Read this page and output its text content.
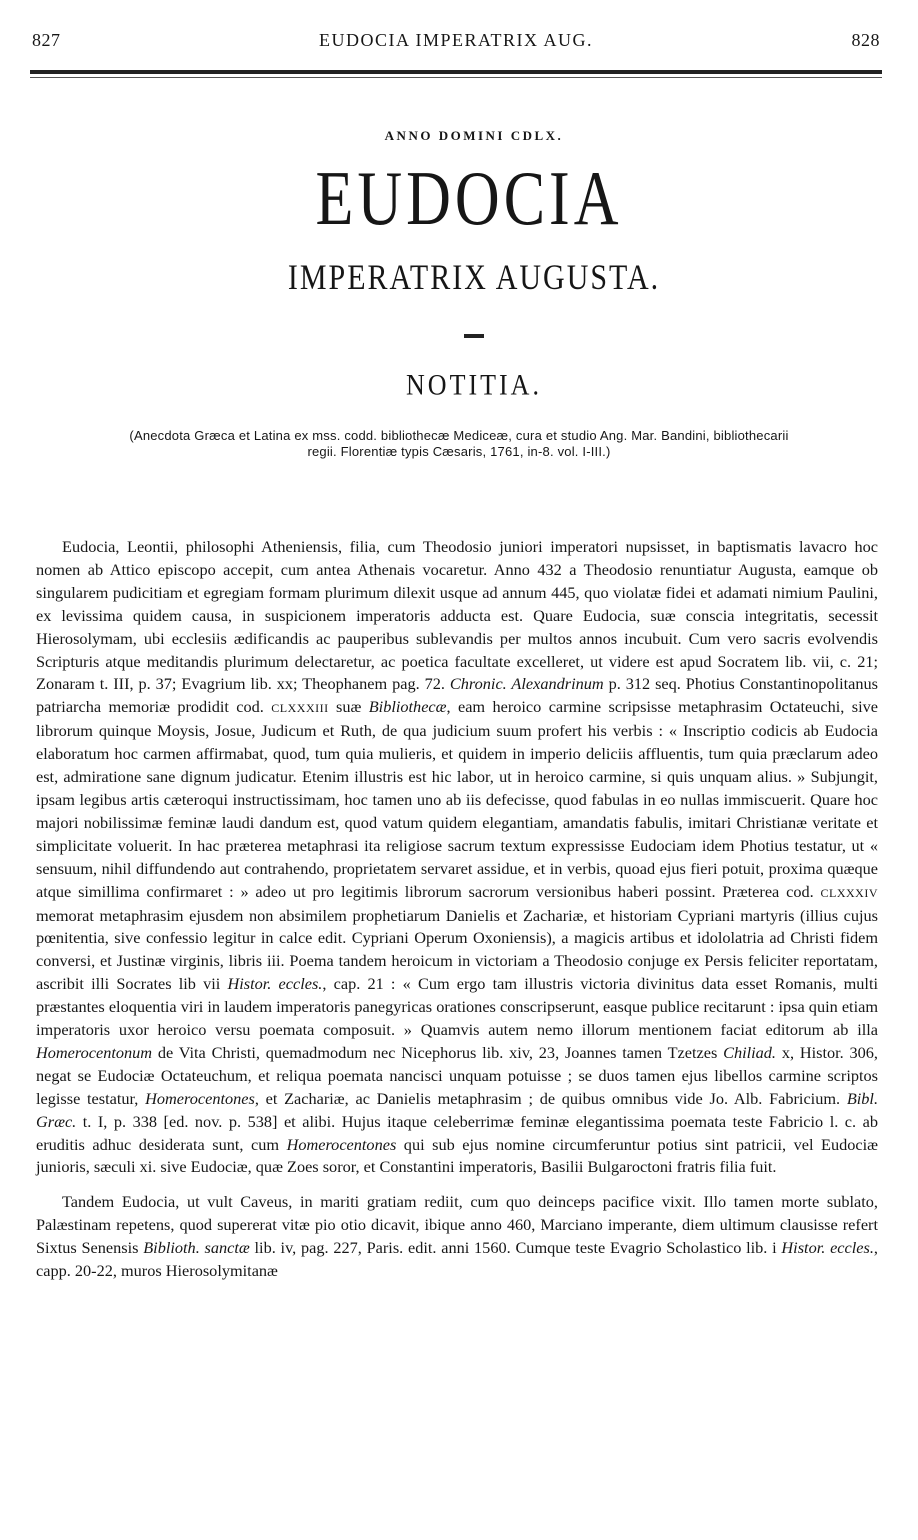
827	EUDOCIA IMPERATRIX AUG.	828
ANNO DOMINI CDLX.
EUDOCIA
IMPERATRIX AUGUSTA.
NOTITIA.
(Anecdota Græca et Latina ex mss. codd. bibliothecæ Mediceæ, cura et studio Ang. Mar. Bandini, bibliothecarii
regii. Florentiæ typis Cæsaris, 1761, in-8. vol. I-III.)

Eudocia, Leontii, philosophi Atheniensis, filia, cum Theodosio juniori imperatori nupsisset, in baptismatis lavacro hoc nomen ab Attico episcopo accepit, cum antea Athenais vocaretur. Anno 432 a Theodosio renuntiatur Augusta, eamque ob singularem pudicitiam et egregiam formam plurimum dilexit usque ad annum 445, quo violatæ fidei et adamati nimium Paulini, ex levissima quidem causa, in suspicionem imperatoris adducta est. Quare Eudocia, suæ conscia integritatis, secessit Hierosolymam, ubi ecclesiis ædificandis ac pauperibus sublevandis per multos annos incubuit. Cum vero sacris evolvendis Scripturis atque meditandis plurimum delectaretur, ac poetica facultate excelleret, ut videre est apud Socratem lib. vii, c. 21; Zonaram t. III, p. 37; Evagrium lib. xx; Theophanem pag. 72. Chronic. Alexandrinum p. 312 seq. Photius Constantinopolitanus patriarcha memoriæ prodidit cod. CLXXXIII suæ Bibliothecæ, eam heroico carmine scripsisse metaphrasim Octateuchi, sive librorum quinque Moysis, Josue, Judicum et Ruth, de qua judicium suum profert his verbis : « Inscriptio codicis ab Eudocia elaboratum hoc carmen affirmabat, quod, tum quia mulieris, et quidem in imperio deliciis affluentis, tum quia præclarum adeo est, admiratione sane dignum judicatur. Etenim illustris est hic labor, ut in heroico carmine, si quis unquam alius. » Subjungit, ipsam legibus artis cæteroqui instructissimam, hoc tamen uno ab iis defecisse, quod fabulas in eo nullas immiscuerit. Quare hoc majori nobilissimæ feminæ laudi dandum est, quod vatum quidem elegantiam, amandatis fabulis, imitari Christianæ veritate et simplicitate voluerit. In hac præterea metaphrasi ita religiose sacrum textum expressisse Eudociam idem Photius testatur, ut « sensuum, nihil diffundendo aut contrahendo, proprietatem servaret assidue, et in verbis, quoad ejus fieri potuit, proxima quæque atque simillima confirmaret : » adeo ut pro legitimis librorum sacrorum versionibus haberi possint. Præterea cod. CLXXXIV memorat metaphrasim ejusdem non absimilem prophetiarum Danielis et Zachariæ, et historiam Cypriani martyris (illius cujus pœnitentia, sive confessio legitur in calce edit. Cypriani Operum Oxoniensis), a magicis artibus et idololatria ad Christi fidem conversi, et Justinæ virginis, libris iii. Poema tandem heroicum in victoriam a Theodosio conjuge ex Persis feliciter reportatam, ascribit illi Socrates lib vii Histor. eccles., cap. 21 : « Cum ergo tam illustris victoria divinitus data esset Romanis, multi præstantes eloquentia viri in laudem imperatoris panegyricas orationes conscripserunt, easque publice recitarunt : ipsa quin etiam imperatoris uxor heroico versu poemata composuit. » Quamvis autem nemo illorum mentionem faciat editorum ab illa Homerocentonum de Vita Christi, quemadmodum nec Nicephorus lib. xiv, 23, Joannes tamen Tzetzes Chiliad. x, Histor. 306, negat se Eudociæ Octateuchum, et reliqua poemata nancisci unquam potuisse ; se duos tamen ejus libellos carmine scriptos legisse testatur, Homerocentones, et Zachariæ, ac Danielis metaphrasim ; de quibus omnibus vide Jo. Alb. Fabricium. Bibl. Græc. t. I, p. 338 [ed. nov. p. 538] et alibi. Hujus itaque celeberrimæ feminæ elegantissima poemata teste Fabricio l. c. ab eruditis adhuc desiderata sunt, cum Homerocentones qui sub ejus nomine circumferuntur potius sint patricii, vel Eudociæ junioris, sæculi xi. sive Eudociæ, quæ Zoes soror, et Constantini imperatoris, Basilii Bulgaroctoni fratris filia fuit.

Tandem Eudocia, ut vult Caveus, in mariti gratiam rediit, cum quo deinceps pacifice vixit. Illo tamen morte sublato, Palæstinam repetens, quod supererat vitæ pio otio dicavit, ibique anno 460, Marciano imperante, diem ultimum clausisse refert Sixtus Senensis Biblioth. sanctæ lib. iv, pag. 227, Paris. edit. anni 1560. Cumque teste Evagrio Scholastico lib. i Histor. eccles., capp. 20-22, muros Hierosolymitanæ
